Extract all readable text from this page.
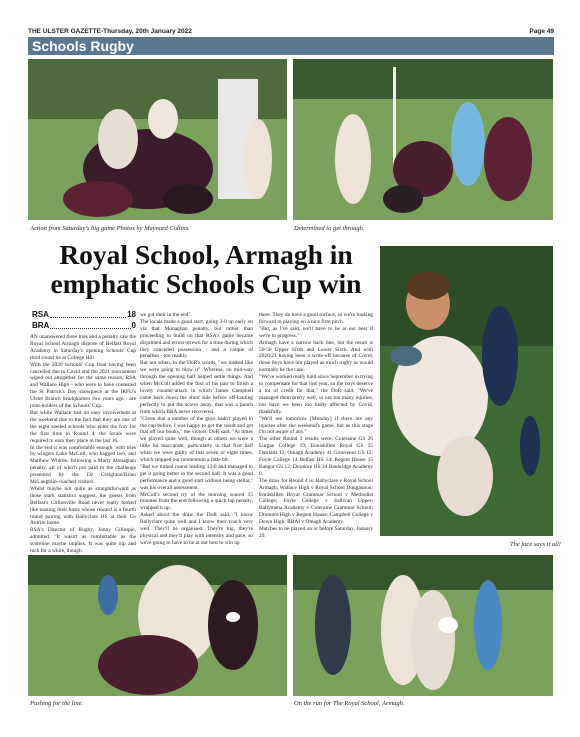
THE ULSTER GAZETTE-Thursday, 20th January 2022	Page 49
Schools Rugby
Action from Saturday's big game Photos by Maynard Collins.	Determined to get through.
Royal School, Armagh in emphatic Schools Cup win
RSA	18
BRA	0

AN unanswered three tries and a penalty saw the Royal School Armagh dispose of Belfast Royal Academy in Saturday's opening Schools' Cup third round tie at College Hill.

With the 2020 Schools' Cup final having been cancelled due to Covid and the 2021 tournament wiped out altogether for the same reason, RSA and Wallace High - who were to have contested the St Patrick's Day showpiece at the IRFU's Ulster Branch headquarters two years ago - are joint-holders of the Schools' Cup.

But while Wallace had no easy involvement at the weekend due to the fact that they are one of the eight seeded schools who enter the fray for the first time in Round 4, the locals were required to earn their place in the last 16.

In the end it was comfortable enough, with tries by wingers Luke McColl, who bagged two, and Matthew Whittle, following a Marty Monaghan penalty, all of which put paid to the challenge presented by the DJ Creighton/Brian McLaughlin-coached visitors.

Whilst maybe not quite as straightforward as those stark statistics suggest, the guests from Belfast's Cliftonville Road never really looked like ousting their hosts whose reward is a fourth round pairing with Ballyclare HS at their Co Antrim home.

RSA's Director of Rugby, Jonny Gillespie, admitted, "It wasn't as comfortable as the scoreline maybe implies. It was quite nip and tuck for a while, though

we got their in the end".

The locals made a good start, going 3-0 up early on via that Monaghan penalty, but rather than proceeding to build on that RSA's game became disjointed and errors-strewn for a time during which they conceded possession - and a couple of penalties - too readily.

But not when, in the DoR's words, "we looked like we were going to blow it". Whereas, on mid-way through the opening half helped settle things. And when McColl added the first of his pair to finish a lovely counter-attack in which James Campbell came back down the short side before off-loading perfectly to put the scorer away, that was a punch from which BRA never recovered.

"Given that a number of the guys hadn't played in the cup before, I was happy to get the result and get that off our books," the victors' DoR said. "At times we played quite well, though at others we were a little bit inaccurate, particularly in that first half when we were guilty of that seven or eight times, which stopped our momentum a little bit.

"But we turned round leading 13-0 and managed to get it going better in the second half. It was a good performance and a good start without being stellar," was his overall assessment.

McColl's second try of the morning soured 15 minutes from the end following a quick tap penalty, wrapped it up.

Asked about the draw the DoR said, "I know Ballyclare quite well and I know their coach very well. They'll be organised. They're big, they're physical and they'll play with intensity and pace, so we're going to have to be at our best to win up

there. They do have a good surface, so we're looking forward to playing on a nice firm pitch.

"But, as I've said, we'll have to be at our best if we're to progress."

Armagh have a narrow back line, but the result is 50-50 Upper Sixth and Lower Sixth. And with 2020/21 having been a write-off because of Covid, those boys have not played as much rugby as would normally be the case.

"We've worked really hard since September in trying to compensate for that lost year, so the boys deserve a lot of credit for that," the DoR said. "We've managed them pretty well, so not too many injuries, nor have we been too badly affected by Covid, thankfully.

"We'll see tomorrow [Monday] if there are any injuries after the weekend's game, but as this stage I'm not aware of any."

The other Round 3 results were: Coleraine GS 26 Lurgan College 19; Enniskillen Royal GS 15 Dalriada 13; Omagh Academy 41 Grosvenor GS 12; Foyle College 14 Belfast HS 14; Regent House 15 Bangor GS 12; Dromore HS 24 Banbridge Academy 0.

The draw for Round 4 is: Ballyclare v Royal School Armagh; Wallace High v Royal School Dungannon; Enniskillen Royal Grammar School v Methodist College; Foyle College v Sullivan Upper; Ballymena Academy v Coleraine Grammar School; Dromore High v Regent House; Campbell College v Down High; RBAI v Omagh Academy.

Matches to be played on or before Saturday, January 29.

The face says it all!
Pushing for the line.	On the run for The Royal School, Armagh.
